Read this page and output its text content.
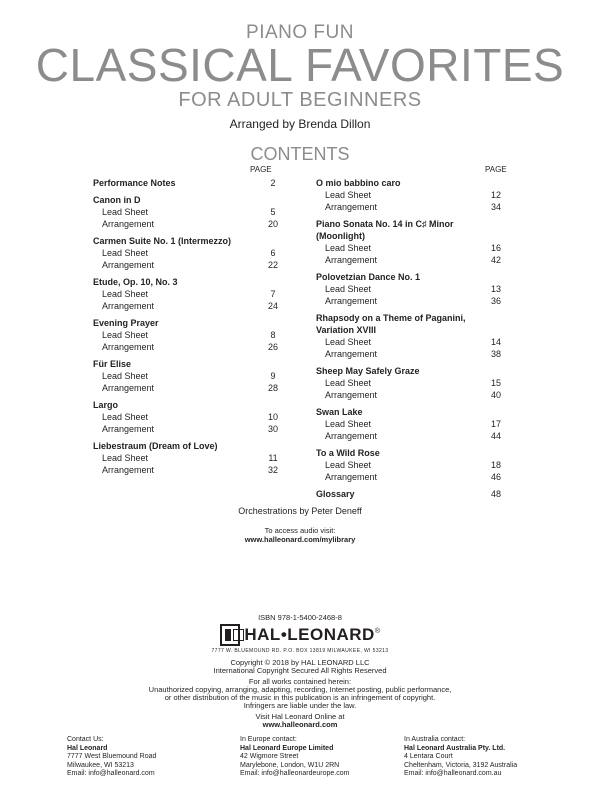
PIANO FUN
CLASSICAL FAVORITES
FOR ADULT BEGINNERS
Arranged by Brenda Dillon
CONTENTS
PAGE	PAGE
Performance Notes	2
Canon in D
Lead Sheet	5
Arrangement	20
Carmen Suite No. 1 (Intermezzo)
Lead Sheet	6
Arrangement	22
Etude, Op. 10, No. 3
Lead Sheet	7
Arrangement	24
Evening Prayer
Lead Sheet	8
Arrangement	26
Für Elise
Lead Sheet	9
Arrangement	28
Largo
Lead Sheet	10
Arrangement	30
Liebestraum (Dream of Love)
Lead Sheet	11
Arrangement	32
O mio babbino caro
Lead Sheet	12
Arrangement	34
Piano Sonata No. 14 in C♯ Minor (Moonlight)
Lead Sheet	16
Arrangement	42
Polovetzian Dance No. 1
Lead Sheet	13
Arrangement	36
Rhapsody on a Theme of Paganini, Variation XVIII
Lead Sheet	14
Arrangement	38
Sheep May Safely Graze
Lead Sheet	15
Arrangement	40
Swan Lake
Lead Sheet	17
Arrangement	44
To a Wild Rose
Lead Sheet	18
Arrangement	46
Glossary	48
Orchestrations by Peter Deneff
To access audio visit:
www.halleonard.com/mylibrary
ISBN 978-1-5400-2468-8
HAL•LEONARD ®
7777 W. BLUEMOUND RD. P.O. BOX 13819 MILWAUKEE, WI 53213
Copyright © 2018 by HAL LEONARD LLC
International Copyright Secured All Rights Reserved
For all works contained herein:
Unauthorized copying, arranging, adapting, recording, Internet posting, public performance,
or other distribution of the music in this publication is an infringement of copyright.
Infringers are liable under the law.
Visit Hal Leonard Online at
www.halleonard.com
Contact Us:
Hal Leonard
7777 West Bluemound Road
Milwaukee, WI 53213
Email: info@halleonard.com
In Europe contact:
Hal Leonard Europe Limited
42 Wigmore Street
Marylebone, London, W1U 2RN
Email: info@halleonardeurope.com
In Australia contact:
Hal Leonard Australia Pty. Ltd.
4 Lentara Court
Cheltenham, Victoria, 3192 Australia
Email: info@halleonard.com.au
